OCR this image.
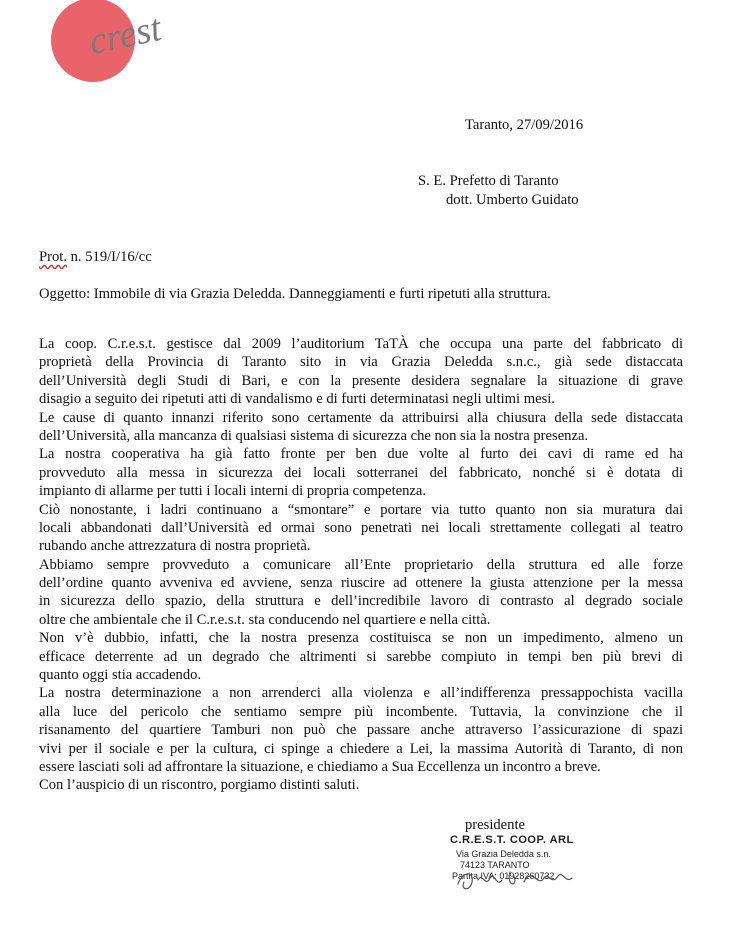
crest
Taranto, 27/09/2016
S. E. Prefetto di Taranto
dott. Umberto Guidato
Prot. n. 519/I/16/cc
Oggetto: Immobile di via Grazia Deledda. Danneggiamenti e furti ripetuti alla struttura.
La coop. C.r.e.s.t. gestisce dal 2009 l’auditorium TaTÀ che occupa una parte del fabbricato di
proprietà della Provincia di Taranto sito in via Grazia Deledda s.n.c., già sede distaccata
dell’Università degli Studi di Bari, e con la presente desidera segnalare la situazione di grave
disagio a seguito dei ripetuti atti di vandalismo e di furti determinatasi negli ultimi mesi.
Le cause di quanto innanzi riferito sono certamente da attribuirsi alla chiusura della sede distaccata
dell’Università, alla mancanza di qualsiasi sistema di sicurezza che non sia la nostra presenza.
La nostra cooperativa ha già fatto fronte per ben due volte al furto dei cavi di rame ed ha
provveduto alla messa in sicurezza dei locali sotterranei del fabbricato, nonché si è dotata di
impianto di allarme per tutti i locali interni di propria competenza.
Ciò nonostante, i ladri continuano a “smontare” e portare via tutto quanto non sia muratura dai
locali abbandonati dall’Università ed ormai sono penetrati nei locali strettamente collegati al teatro
rubando anche attrezzatura di nostra proprietà.
Abbiamo sempre provveduto a comunicare all’Ente proprietario della struttura ed alle forze
dell’ordine quanto avveniva ed avviene, senza riuscire ad ottenere la giusta attenzione per la messa
in sicurezza dello spazio, della struttura e dell’incredibile lavoro di contrasto al degrado sociale
oltre che ambientale che il C.r.e.s.t. sta conducendo nel quartiere e nella città.
Non v’è dubbio, infatti, che la nostra presenza costituisca se non un impedimento, almeno un
efficace deterrente ad un degrado che altrimenti si sarebbe compiuto in tempi ben più brevi di
quanto oggi stia accadendo.
La nostra determinazione a non arrenderci alla violenza e all’indifferenza pressappochista vacilla
alla luce del pericolo che sentiamo sempre più incombente. Tuttavia, la convinzione che il
risanamento del quartiere Tamburi non può che passare anche attraverso l’assicurazione di spazi
vivi per il sociale e per la cultura, ci spinge a chiedere a Lei, la massima Autorità di Taranto, di non
essere lasciati soli ad affrontare la situazione, e chiediamo a Sua Eccellenza un incontro a breve.
Con l’auspicio di un riscontro, porgiamo distinti saluti.
presidente
C.R.E.S.T. COOP. ARL
Via Grazia Deledda s.n.
74123 TARANTO
Partita IVA: 01928260732
